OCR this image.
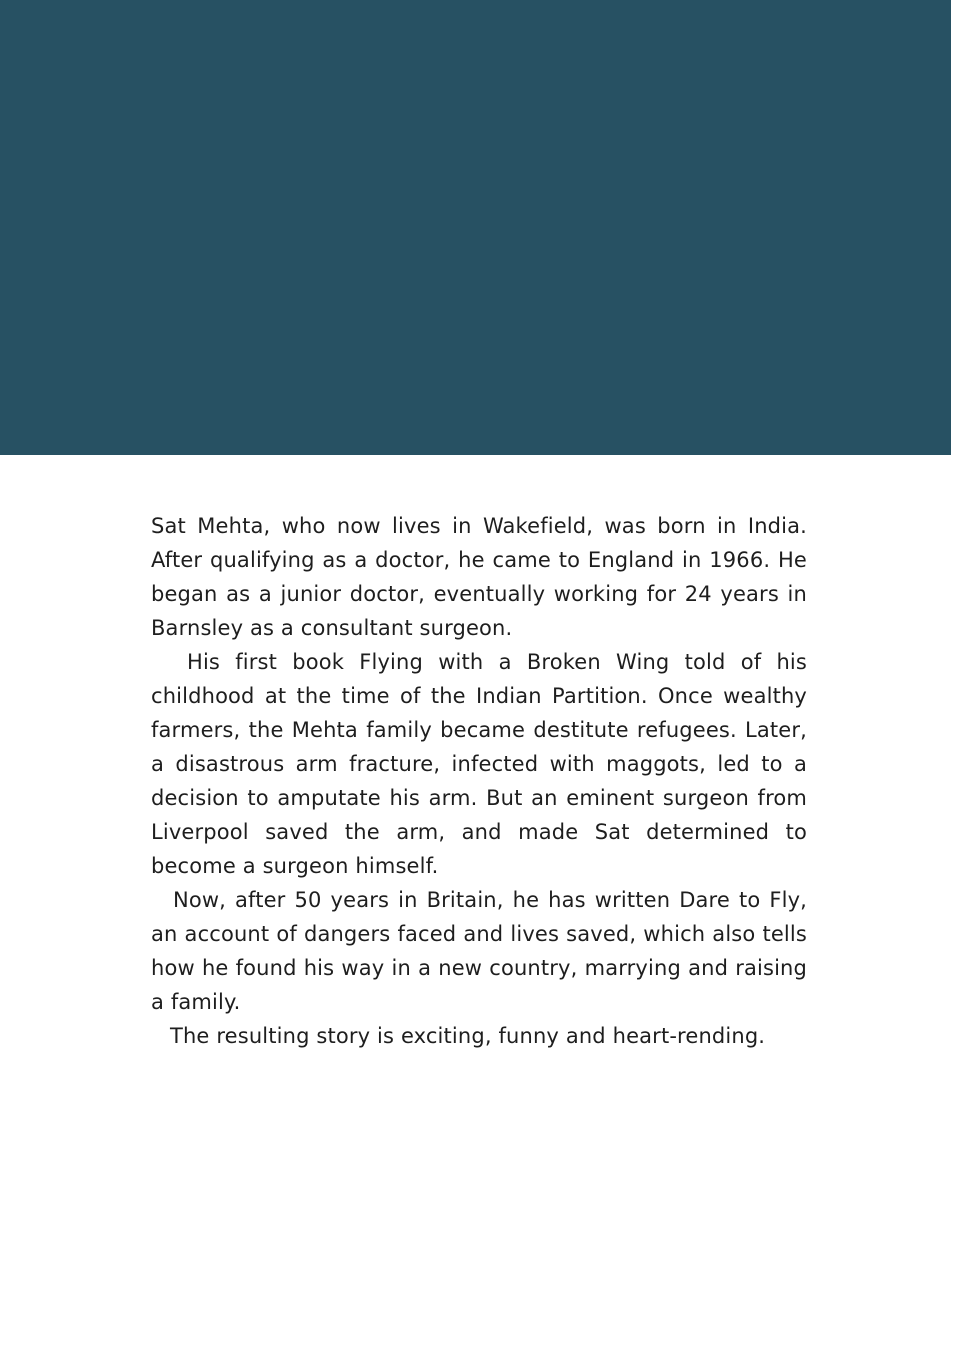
Sat Mehta, who now lives in Wakefield, was born in India. After qualifying as a doctor, he came to England in 1966. He began as a junior doctor, eventually working for 24 years in Barnsley as a consultant surgeon.

His first book Flying with a Broken Wing told of his childhood at the time of the Indian Partition. Once wealthy farmers, the Mehta family became destitute refugees. Later, a disastrous arm fracture, infected with maggots, led to a decision to amputate his arm. But an eminent surgeon from Liverpool saved the arm, and made Sat determined to become a surgeon himself.

Now, after 50 years in Britain, he has written Dare to Fly, an account of dangers faced and lives saved, which also tells how he found his way in a new country, marrying and raising a family.

The resulting story is exciting, funny and heart-rending.
